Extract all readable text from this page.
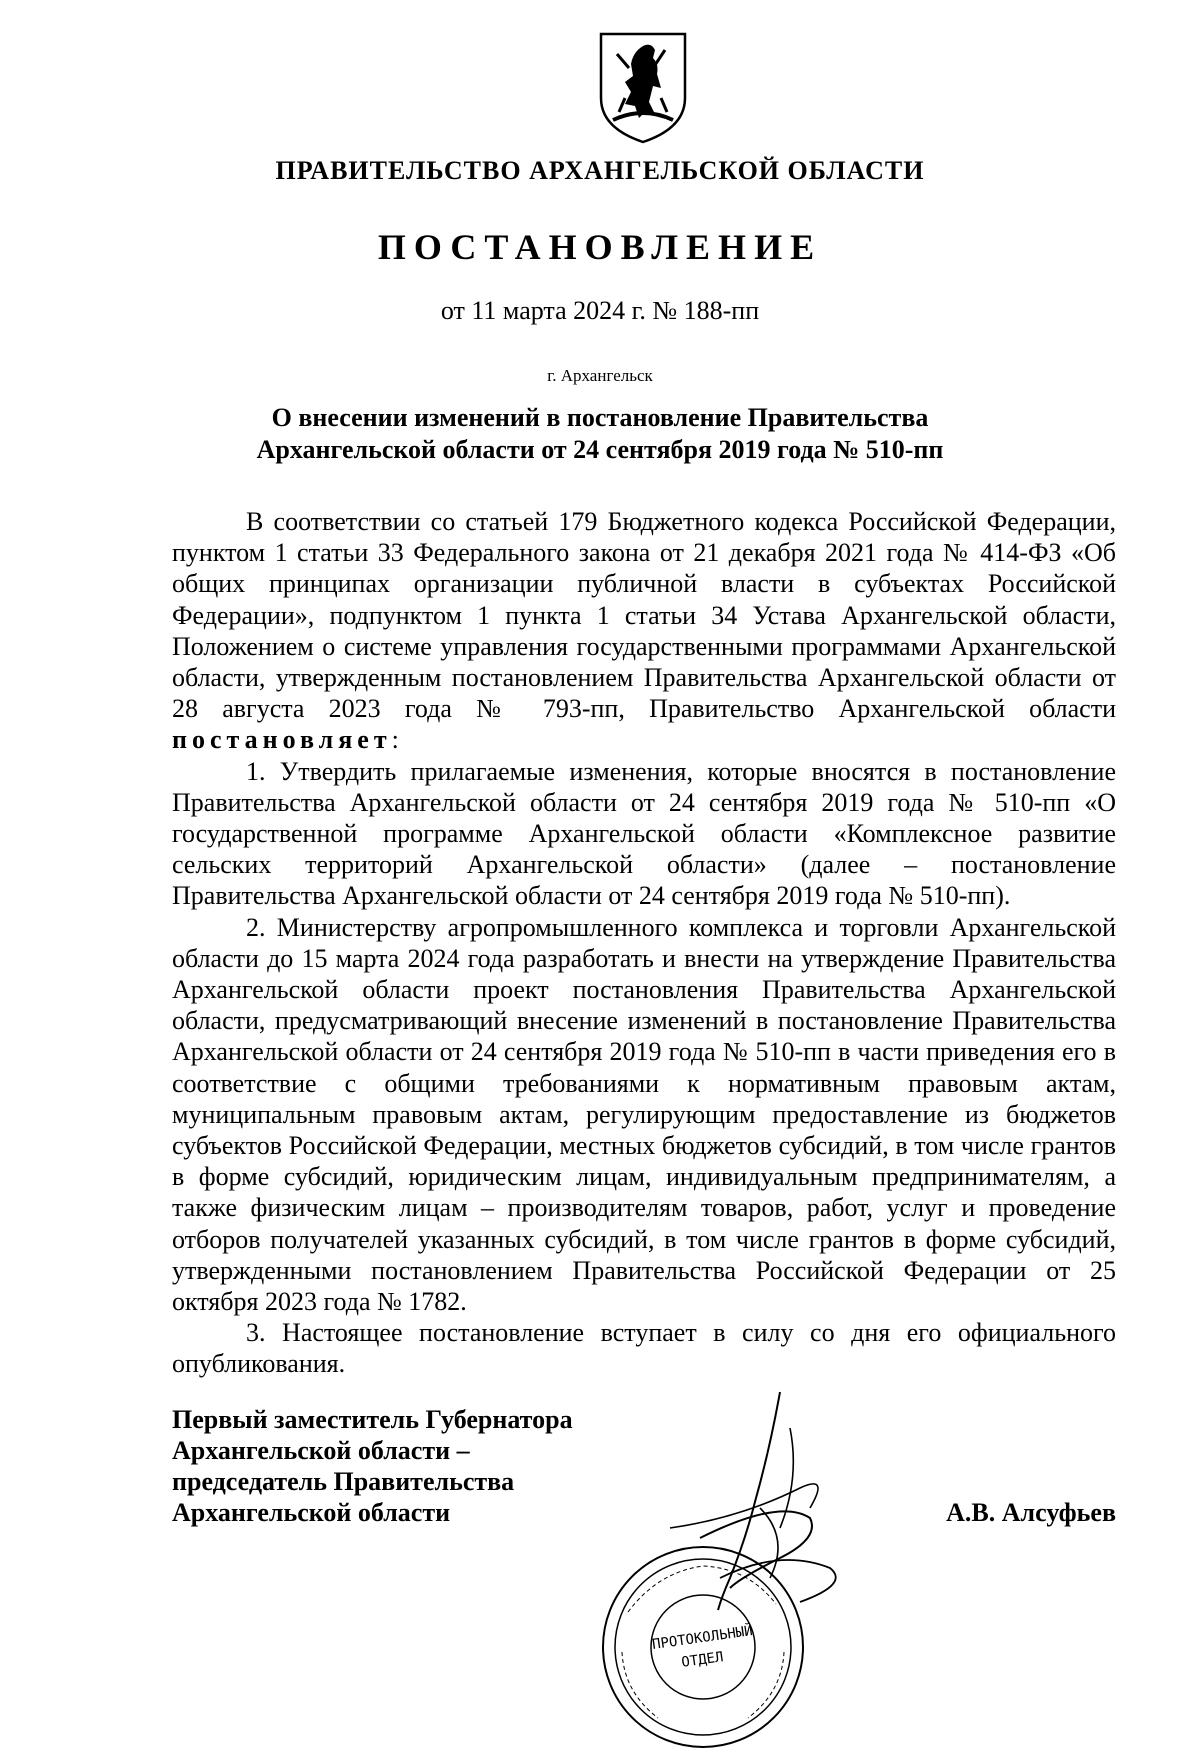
ПРАВИТЕЛЬСТВО АРХАНГЕЛЬСКОЙ ОБЛАСТИ
ПОСТАНОВЛЕНИЕ
от 11 марта 2024 г. № 188-пп
г. Архангельск
О внесении изменений в постановление Правительства
Архангельской области от 24 сентября 2019 года № 510-пп

В соответствии со статьей 179 Бюджетного кодекса Российской Федерации, пунктом 1 статьи 33 Федерального закона от 21 декабря 2021 года № 414-ФЗ «Об общих принципах организации публичной власти в субъектах Российской Федерации», подпунктом 1 пункта 1 статьи 34 Устава Архангельской области, Положением о системе управления государственными программами Архангельской области, утвержденным постановлением Правительства Архангельской области от 28 августа 2023 года № 793-пп, Правительство Архангельской области постановляет:

1. Утвердить прилагаемые изменения, которые вносятся в постановление Правительства Архангельской области от 24 сентября 2019 года № 510-пп «О государственной программе Архангельской области «Комплексное развитие сельских территорий Архангельской области» (далее – постановление Правительства Архангельской области от 24 сентября 2019 года № 510-пп).

2. Министерству агропромышленного комплекса и торговли Архангельской области до 15 марта 2024 года разработать и внести на утверждение Правительства Архангельской области проект постановления Правительства Архангельской области, предусматривающий внесение изменений в постановление Правительства Архангельской области от 24 сентября 2019 года № 510-пп в части приведения его в соответствие с общими требованиями к нормативным правовым актам, муниципальным правовым актам, регулирующим предоставление из бюджетов субъектов Российской Федерации, местных бюджетов субсидий, в том числе грантов в форме субсидий, юридическим лицам, индивидуальным предпринимателям, а также физическим лицам – производителям товаров, работ, услуг и проведение отборов получателей указанных субсидий, в том числе грантов в форме субсидий, утвержденными постановлением Правительства Российской Федерации от 25 октября 2023 года № 1782.

3. Настоящее постановление вступает в силу со дня его официального опубликования.

Первый заместитель Губернатора
Архангельской области –
председатель Правительства
Архангельской области	А.В. Алсуфьев
ПРОТОКОЛЬНЫЙ
ОТДЕЛ
